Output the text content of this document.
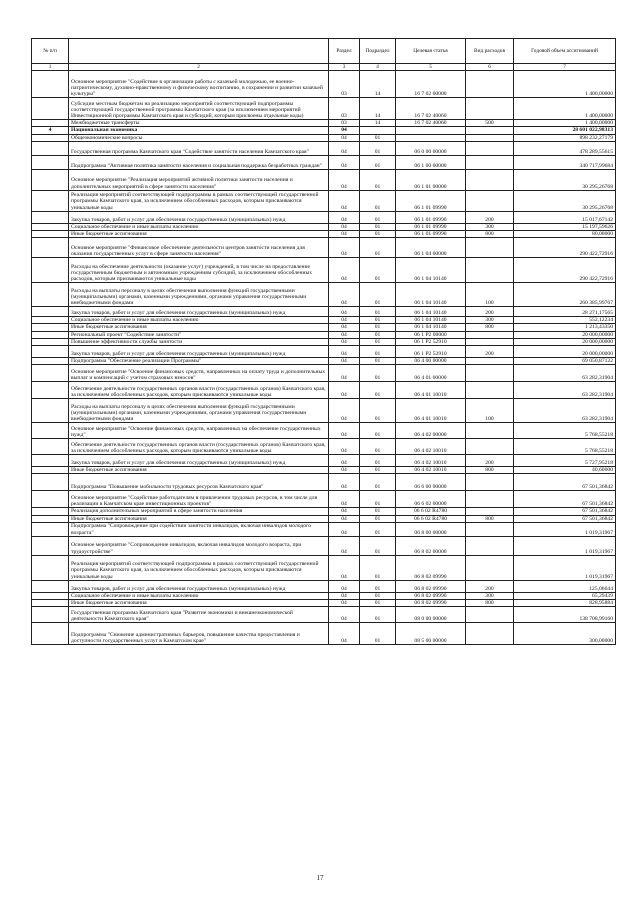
№ п/п		Раздел	Подраздел	Целевая статья	Вид расходов	Годовой объем ассигнований
1	2	3	4	5	6	7
	Основное мероприятие "Содействие в организации работы с казачьей молодежью, ее военно-патриотическому, духовно-нравственному и физическому воспитанию, в сохранении и развитии казачьей культуры"	03	14	16 7 02 00000		1 400,00000
	Субсидии местным бюджетам на реализацию мероприятий соответствующей подпрограммы соответствующей государственной программы Камчатского края (за исключением мероприятий Инвестиционной программы Камчатского края и субсидий, которым присвоены отдельные коды)	03	14	16 7 02 40060		1 400,00000
	Межбюджетные трансферты	03	14	16 7 02 40060	500	1 400,00000
4	Национальная экономика	04				28 601 022,98313
	Общеэкономические вопросы	04	01			898 232,27179
	Государственная программа Камчатского края "Содействие занятости населения Камчатского края"	04	01	06 0 00 00000		478 289,55615
	Подпрограмма "Активная политика занятости населения и социальная поддержка безработных граждан"	04	01	06 1 00 00000		340 717,99684
	Основное мероприятие "Реализация мероприятий активной политики занятости населения и дополнительных мероприятий в сфере занятости населения"	04	01	06 1 01 00000		30 295,26768
	Реализация мероприятий соответствующей подпрограммы в рамках соответствующей государственной программы Камчатского края, за исключением обособленных расходов, которым присваиваются уникальные коды	04	01	06 1 01 09990		30 295,26768
	Закупка товаров, работ и услуг для обеспечения государственных (муниципальных) нужд	04	01	06 1 01 09990	200	15 017,67142
	Социальное обеспечение и иные выплаты населению	04	01	06 1 01 09990	300	15 197,59626
	Иные бюджетные ассигнования	04	01	06 1 01 09990	800	80,00000
	Основное мероприятие "Финансовое обеспечение деятельности центров занятости населения для оказания государственных услуг в сфере занятости населения"	04	01	06 1 04 00000		290 422,72916
	Расходы на обеспечение деятельности (оказание услуг) учреждений, в том числе на предоставление государственным бюджетным и автономным учреждениям субсидий, за исключением обособленных расходов, которым присваиваются уникальные коды	04	01	06 1 04 10140		290 422,72916
	Расходы на выплаты персоналу в целях обеспечения выполнения функций государственными (муниципальными) органами, казенными учреждениями, органами управления государственными внебюджетными фондами	04	01	06 1 04 10140	100	260 385,99767
	Закупка товаров, работ и услуг для обеспечения государственных (муниципальных) нужд	04	01	06 1 04 10140	200	28 271,17565
	Социальное обеспечение и иные выплаты населению	04	01	06 1 04 10140	300	552,12234
	Иные бюджетные ассигнования	04	01	06 1 04 10140	800	1 213,43350
	Региональный проект "Содействие занятости"	04	01	06 1 P2 00000		20 000,00000
	Повышение эффективности службы занятости	04	01	06 1 P2 52910		20 000,00000
	Закупка товаров, работ и услуг для обеспечения государственных (муниципальных) нужд	04	01	06 1 P2 52910	200	20 000,00000
	Подпрограмма "Обеспечение реализации Программы"	04	01	06 4 00 00000		69 050,87122
	Основное мероприятие "Освоение финансовых средств, направленных на оплату труда и дополнительных выплат и компенсаций с учетом страховых взносов"	04	01	06 4 01 00000		63 282,31904
	Обеспечение деятельности государственных органов власти (государственных органов) Камчатского края, за исключением обособленных расходов, которым присваиваются уникальные коды	04	01	06 4 01 10010		63 282,31904
	Расходы на выплаты персоналу в целях обеспечения выполнения функций государственными (муниципальными) органами, казенными учреждениями, органами управления государственными внебюджетными фондами	04	01	06 4 01 10010	100	63 282,31904
	Основное мероприятие "Освоение финансовых средств, направленных на обеспечение государственных нужд"	04	01	06 4 02 00000		5 768,55218
	Обеспечение деятельности государственных органов власти (государственных органов) Камчатского края, за исключением обособленных расходов, которым присваиваются уникальные коды	04	01	06 4 02 10010		5 768,55218
	Закупка товаров, работ и услуг для обеспечения государственных (муниципальных) нужд	04	01	06 4 02 10010	200	5 727,95218
	Иные бюджетные ассигнования	04	01	06 4 02 10010	800	40,60000
	Подпрограмма "Повышение мобильности трудовых ресурсов Камчатского края"	04	01	06 6 00 00000		67 501,36842
	Основное мероприятие "Содействие работодателям в привлечении трудовых ресурсов, в том числе для реализации в Камчатском крае инвестиционных проектов"	04	01	06 6 02 00000		67 501,36842
	Реализация дополнительных мероприятий в сфере занятости населения	04	01	06 6 02 R4780		67 501,36842
	Иные бюджетные ассигнования	04	01	06 6 02 R4780	800	67 501,36842
	Подпрограмма "Сопровождение при содействии занятости инвалидов, включая инвалидов молодого возраста"	04	01	06 8 00 00000		1 019,31967
	Основное мероприятие "Сопровождение инвалидов, включая инвалидов молодого возраста, при трудоустройстве"	04	01	06 8 02 00000		1 019,31967
	Реализация мероприятий соответствующей подпрограммы в рамках соответствующей государственной программы Камчатского края, за исключением обособленных расходов, которым присваиваются уникальные коды	04	01	06 8 02 09990		1 019,31967
	Закупка товаров, работ и услуг для обеспечения государственных (муниципальных) нужд	04	01	06 8 02 09990	200	125,06644
	Социальное обеспечение и иные выплаты населению	04	01	06 8 02 09990	300	65,29439
	Иные бюджетные ассигнования	04	01	06 8 02 09990	800	828,95884
	Государственная программа Камчатского края "Развитие экономики и внешнеэкономической деятельности Камчатского края"	04	01	08 0 00 00000		138 708,99160
	Подпрограмма "Снижение административных барьеров, повышение качества предоставления и доступности государственных услуг в Камчатском крае"	04	01	08 5 00 00000		300,00000
17
